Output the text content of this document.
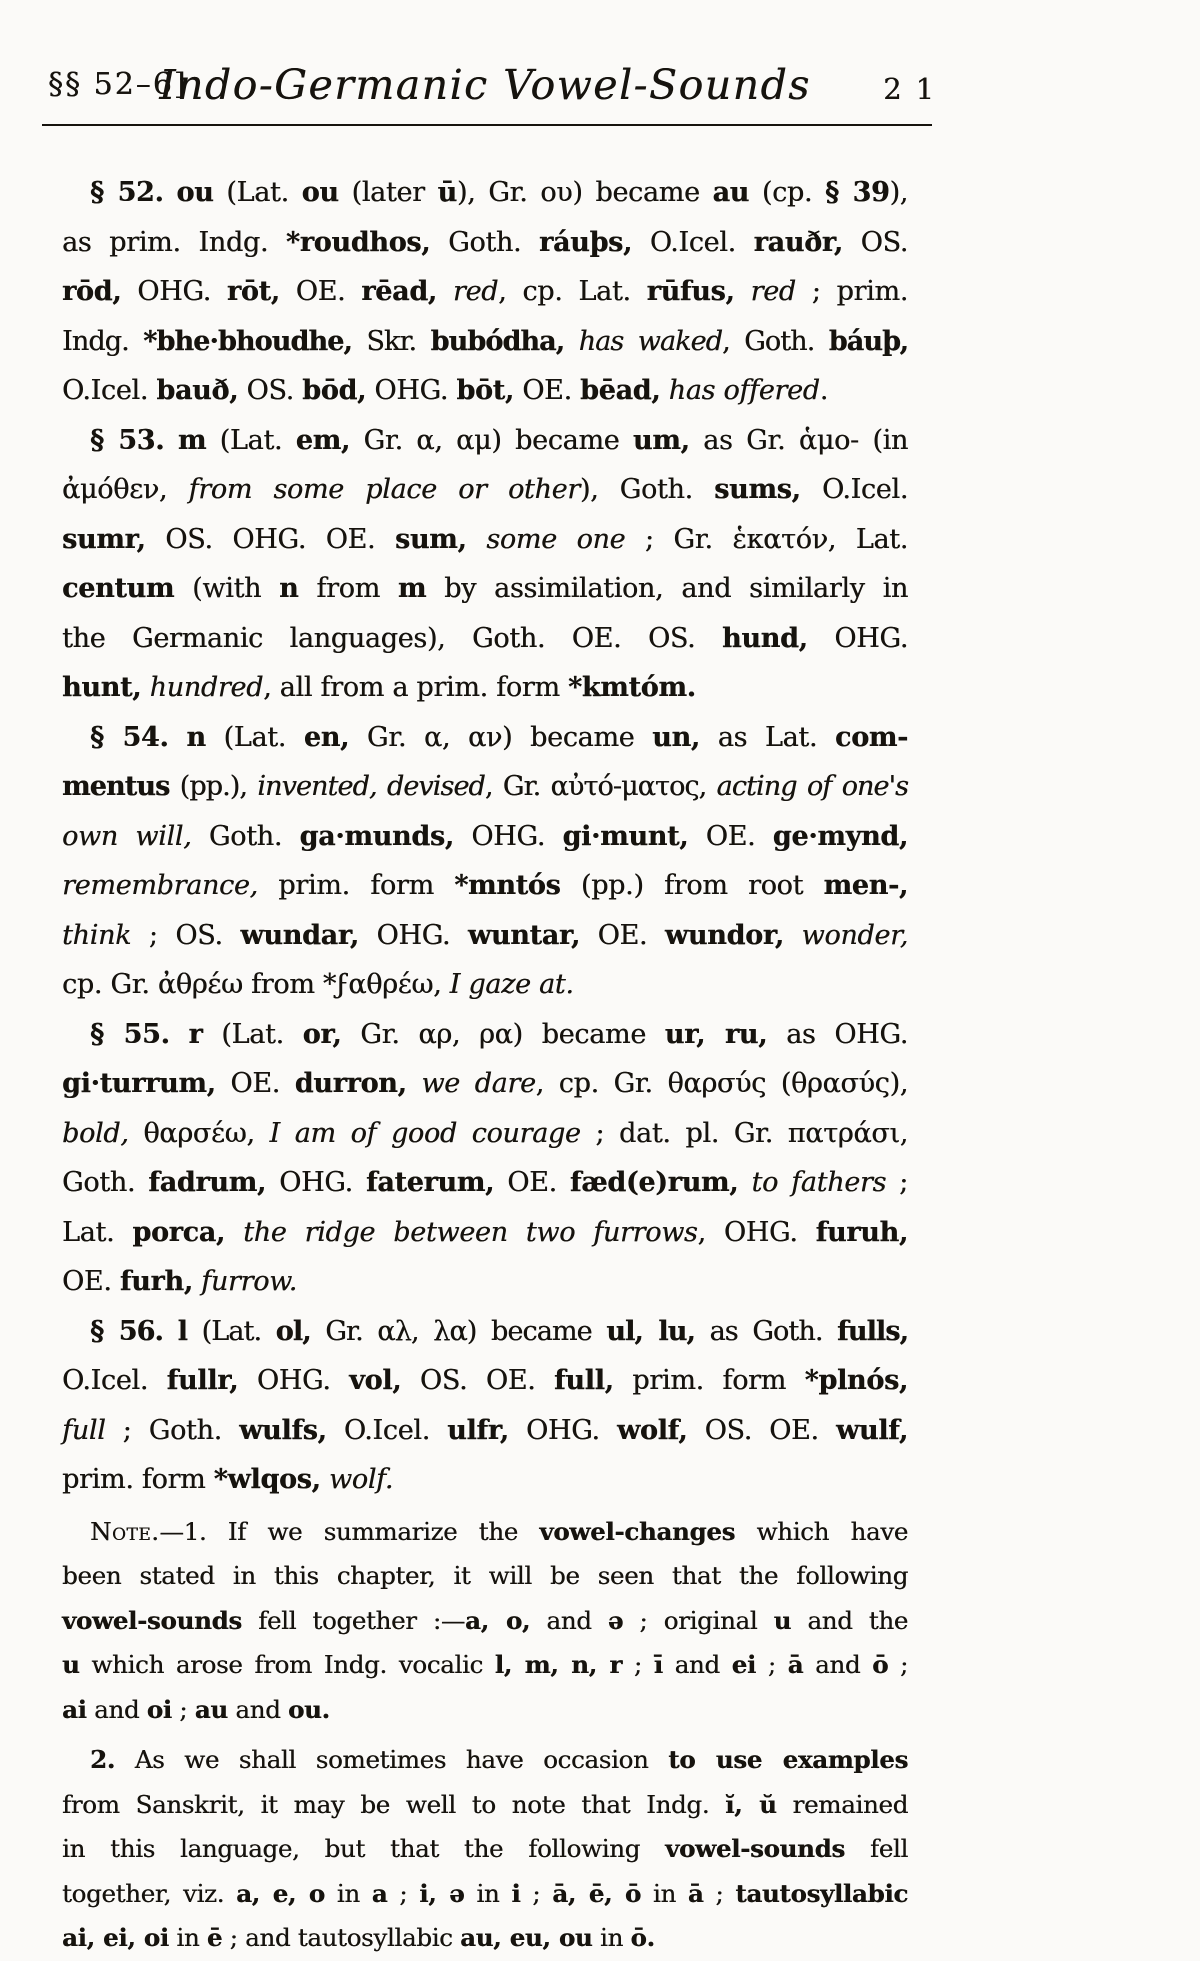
§§ 52–6]
Indo-Germanic Vowel-Sounds 21
§ 52. ou (Lat. ou (later ū), Gr. ου) became au (cp. § 39),
as prim. Indg. *roudhos, Goth. ráuþs, O.Icel. rauðr, OS.
rōd, OHG. rōt, OE. rēad, red, cp. Lat. rūfus, red ; prim.
Indg. *bhe·bhoudhe, Skr. bubódha, has waked, Goth. báuþ,
O.Icel. bauð, OS. bōd, OHG. bōt, OE. bēad, has offered.
§ 53. m (Lat. em, Gr. α, αμ) became um, as Gr. ἁμο- (in
ἀμόθεν, from some place or other), Goth. sums, O.Icel.
sumr, OS. OHG. OE. sum, some one ; Gr. ἑκατόν, Lat.
centum (with n from m by assimilation, and similarly in
the Germanic languages), Goth. OE. OS. hund, OHG.
hunt, hundred, all from a prim. form *kmtóm.
§ 54. n (Lat. en, Gr. α, αν) became un, as Lat. com-
mentus (pp.), invented, devised, Gr. αὐτό-ματος, acting of one's
own will, Goth. ga·munds, OHG. gi·munt, OE. ge·mynd,
remembrance, prim. form *mntós (pp.) from root men-,
think ; OS. wundar, OHG. wuntar, OE. wundor, wonder,
cp. Gr. ἀθρέω from *ϝαθρέω, I gaze at.
§ 55. r (Lat. or, Gr. αρ, ρα) became ur, ru, as OHG.
gi·turrum, OE. durron, we dare, cp. Gr. θαρσύς (θρασύς),
bold, θαρσέω, I am of good courage ; dat. pl. Gr. πατράσι,
Goth. fadrum, OHG. faterum, OE. fæd(e)rum, to fathers ;
Lat. porca, the ridge between two furrows, OHG. furuh,
OE. furh, furrow.
§ 56. l (Lat. ol, Gr. αλ, λα) became ul, lu, as Goth. fulls,
O.Icel. fullr, OHG. vol, OS. OE. full, prim. form *plnós,
full ; Goth. wulfs, O.Icel. ulfr, OHG. wolf, OS. OE. wulf,
prim. form *wlqos, wolf.
Note.—1. If we summarize the vowel-changes which have
been stated in this chapter, it will be seen that the following
vowel-sounds fell together :—a, o, and ə ; original u and the
u which arose from Indg. vocalic l, m, n, r ; ī and ei ; ā and ō ;
ai and oi ; au and ou.
2. As we shall sometimes have occasion to use examples
from Sanskrit, it may be well to note that Indg. ĭ, ŭ remained
in this language, but that the following vowel-sounds fell
together, viz. a, e, o in a ; i, ə in i ; ā, ē, ō in ā ; tautosyllabic
ai, ei, oi in ē ; and tautosyllabic au, eu, ou in ō.
